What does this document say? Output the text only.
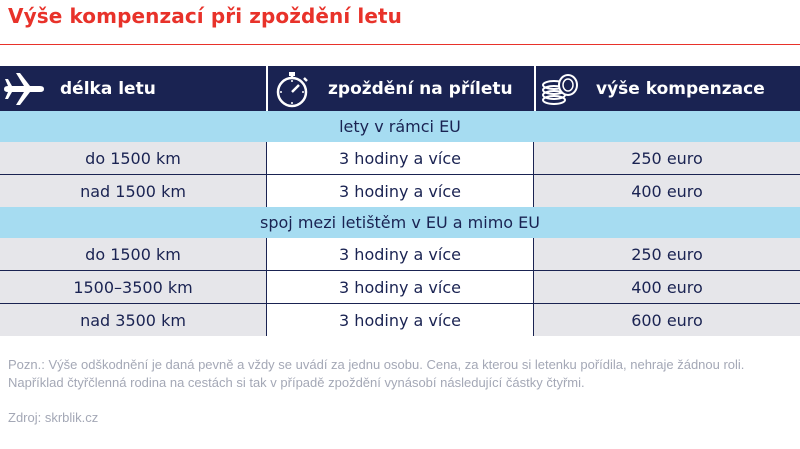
Výše kompenzací při zpoždění letu
délka letu	zpoždění na příletu	výše kompenzace
lety v rámci EU
do 1500 km	3 hodiny a více	250 euro
nad 1500 km	3 hodiny a více	400 euro
spoj mezi letištěm v EU a mimo EU
do 1500 km	3 hodiny a více	250 euro
1500–3500 km	3 hodiny a více	400 euro
nad 3500 km	3 hodiny a více	600 euro
Pozn.: Výše odškodnění je daná pevně a vždy se uvádí za jednu osobu. Cena, za kterou si letenku pořídila, nehraje žádnou roli. Například čtyřčlenná rodina na cestách si tak v případě zpoždění vynásobí následující částky čtyřmi.
Zdroj: skrblik.cz
